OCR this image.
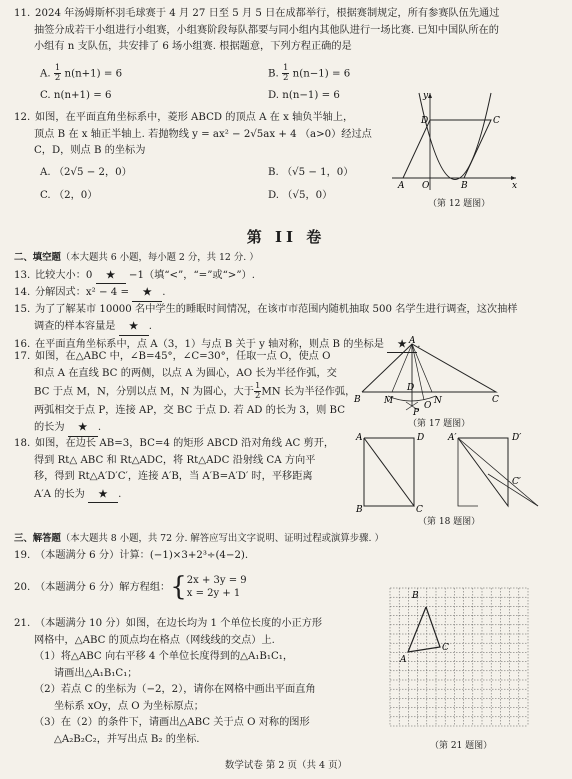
11. 2024 年汤姆斯杯羽毛球赛于 4 月 27 日至 5 月 5 日在成都举行，根据赛制规定，所有参赛队伍先通过
抽签分成若干小组进行小组赛，小组赛阶段每队都要与同小组内其他队进行一场比赛. 已知中国队所在的
小组有 n 支队伍，共安排了 6 场小组赛. 根据题意，下列方程正确的是
A. $\frac{1}{2} n(n+1) = 6$	B. $\frac{1}{2} n(n-1) = 6$
C. n(n+1) = 6	D. n(n−1) = 6
12. 如图，在平面直角坐标系中，菱形 ABCD 的顶点 A 在 x 轴负半轴上，
顶点 B 在 x 轴正半轴上. 若抛物线 y = ax² − 2√5ax + 4 （a>0）经过点
C，D，则点 B 的坐标为
A. （2√5 − 2，0）	B. （√5 − 1，0）
C. （2，0）	D. （√5，0）
y
x
D	C
A O	B
（第 12 题图）
第 II 卷
二、填空题（本大题共 6 小题，每小题 2 分，共 12 分. ）
13. 比较大小：0 ★ −1（填“<”，“=”或“>”）.
14. 分解因式：x² − 4 = ★ .
15. 为了了解某市 10000 名中学生的睡眠时间情况，在该市市范围内随机抽取 500 名学生进行调查，这次抽样
调查的样本容量是 ★ .
16. 在平面直角坐标系中，点 A（3，1）与点 B 关于 y 轴对称，则点 B 的坐标是 ★ .
17. 如图，在△ABC 中，∠B=45°，∠C=30°，任取一点 O，使点 O
和点 A 在直线 BC 的两侧，以点 A 为圆心，AO 长为半径作弧，交
BC 于点 M，N，分别以点 M，N 为圆心，大于 $\frac{1}{2}$ MN 长为半径作弧，
两弧相交于点 P，连接 AP，交 BC 于点 D. 若 AD 的长为 3，则 BC
的长为 ★ .
A
B	M
D
O N	C
P
（第 17 题图）
18. 如图，在边长 AB=3，BC=4 的矩形 ABCD 沿对角线 AC 剪开，
得到 Rt△ ABC 和 Rt△ADC，将 Rt△ADC 沿射线 CA 方向平
移，得到 Rt△A′D′C′，连接 A′B，当 A′B=A′D′ 时，平移距离
A′A 的长为 ★ .
A	D
B	C
A′	D′
C′
（第 18 题图）
三、解答题（本大题共 8 小题，共 72 分. 解答应写出文字说明、证明过程或演算步骤. ）
19. （本题满分 6 分）计算：(−1)×3+2³÷(4−2).
20. （本题满分 6 分）解方程组：{ 2x + 3y = 9
x = 2y + 1
21. （本题满分 10 分）如图，在边长均为 1 个单位长度的小正方形
网格中，△ABC 的顶点均在格点（网线线的交点）上.
（1）将△ABC 向右平移 4 个单位长度得到的△A₁B₁C₁，
请画出△A₁B₁C₁；
（2）若点 C 的坐标为（−2，2），请你在网格中画出平面直角
坐标系 xOy，点 O 为坐标原点；
（3）在（2）的条件下，请画出△ABC 关于点 O 对称的图形
△A₂B₂C₂，并写出点 B₂ 的坐标.
B
C
A
（第 21 题图）
数学试卷 第 2 页（共 4 页）
